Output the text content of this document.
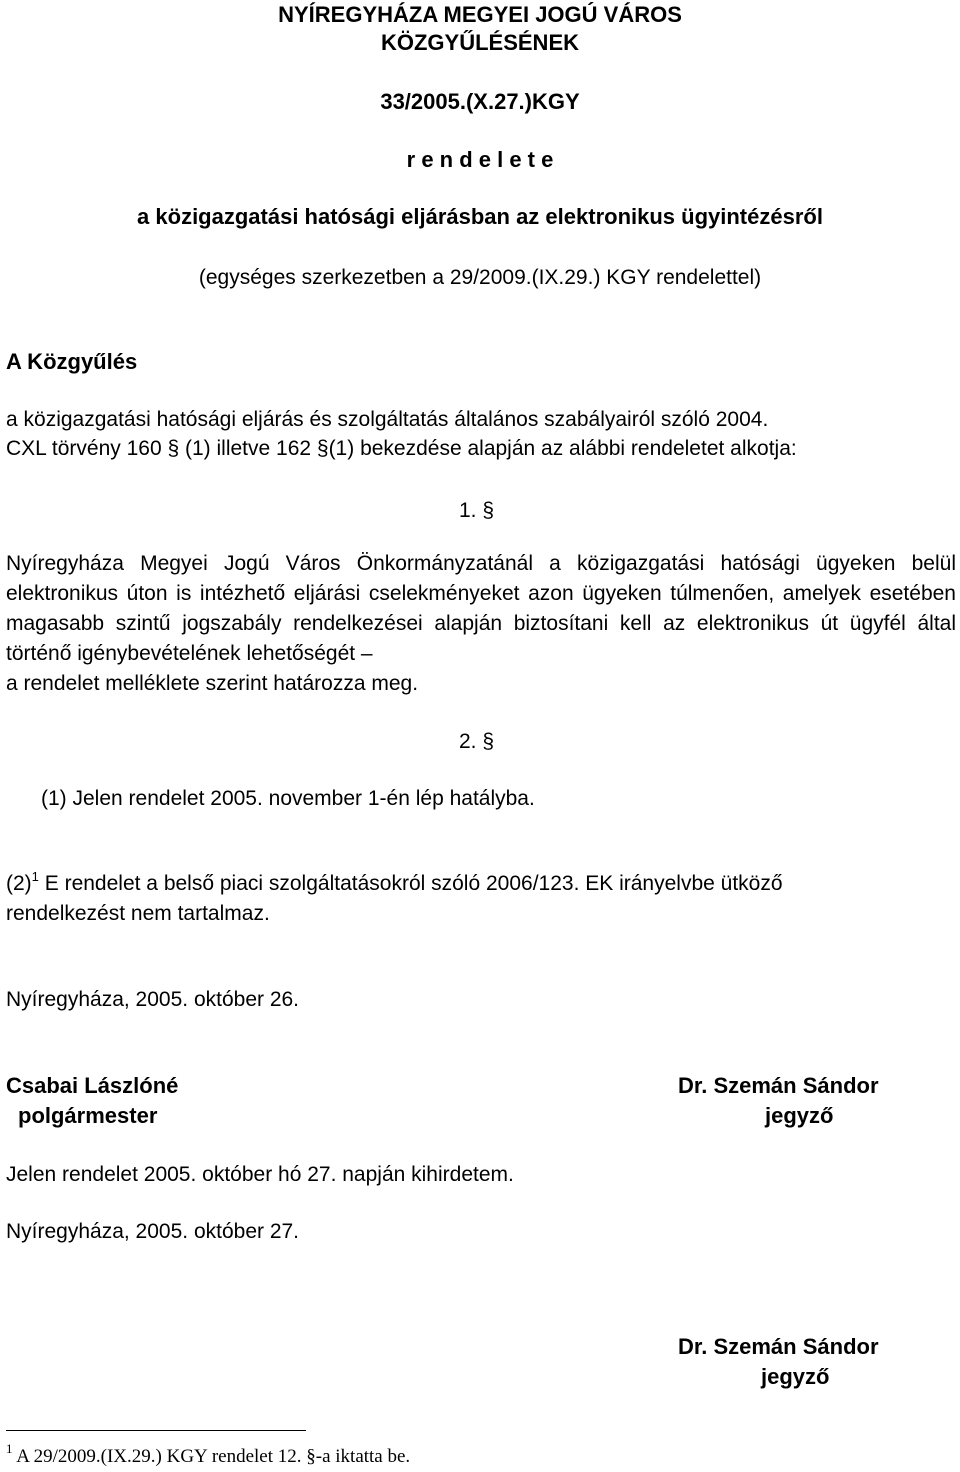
NYÍREGYHÁZA MEGYEI JOGÚ VÁROS
KÖZGYŰLÉSÉNEK
33/2005.(X.27.)KGY
r e n d e l e t e
a közigazgatási hatósági eljárásban az elektronikus ügyintézésről
(egységes szerkezetben a 29/2009.(IX.29.) KGY rendelettel)
A Közgyűlés
a közigazgatási hatósági eljárás és szolgáltatás általános szabályairól szóló 2004.
CXL törvény 160 § (1) illetve 162 §(1) bekezdése alapján az alábbi rendeletet alkotja:
1. §
Nyíregyháza Megyei Jogú Város Önkormányzatánál a közigazgatási hatósági ügyeken belül elektronikus úton is intézhető eljárási cselekményeket azon ügyeken túlmenően, amelyek esetében magasabb szintű jogszabály rendelkezései alapján biztosítani kell az elektronikus út ügyfél által történő igénybevételének lehetőségét –
a rendelet melléklete szerint határozza meg.
2. §
(1) Jelen rendelet 2005. november 1-én lép hatályba.
$(2)^1$ E rendelet a belső piaci szolgáltatásokról szóló 2006/123. EK irányelvbe ütköző
rendelkezést nem tartalmaz.
Nyíregyháza, 2005. október 26.
Csabai Lászlóné
polgármester
Dr. Szemán Sándor
jegyző
Jelen rendelet 2005. október hó 27. napján kihirdetem.
Nyíregyháza, 2005. október 27.
Dr. Szemán Sándor
jegyző
$^1$ A 29/2009.(IX.29.) KGY rendelet 12. §-a iktatta be.
